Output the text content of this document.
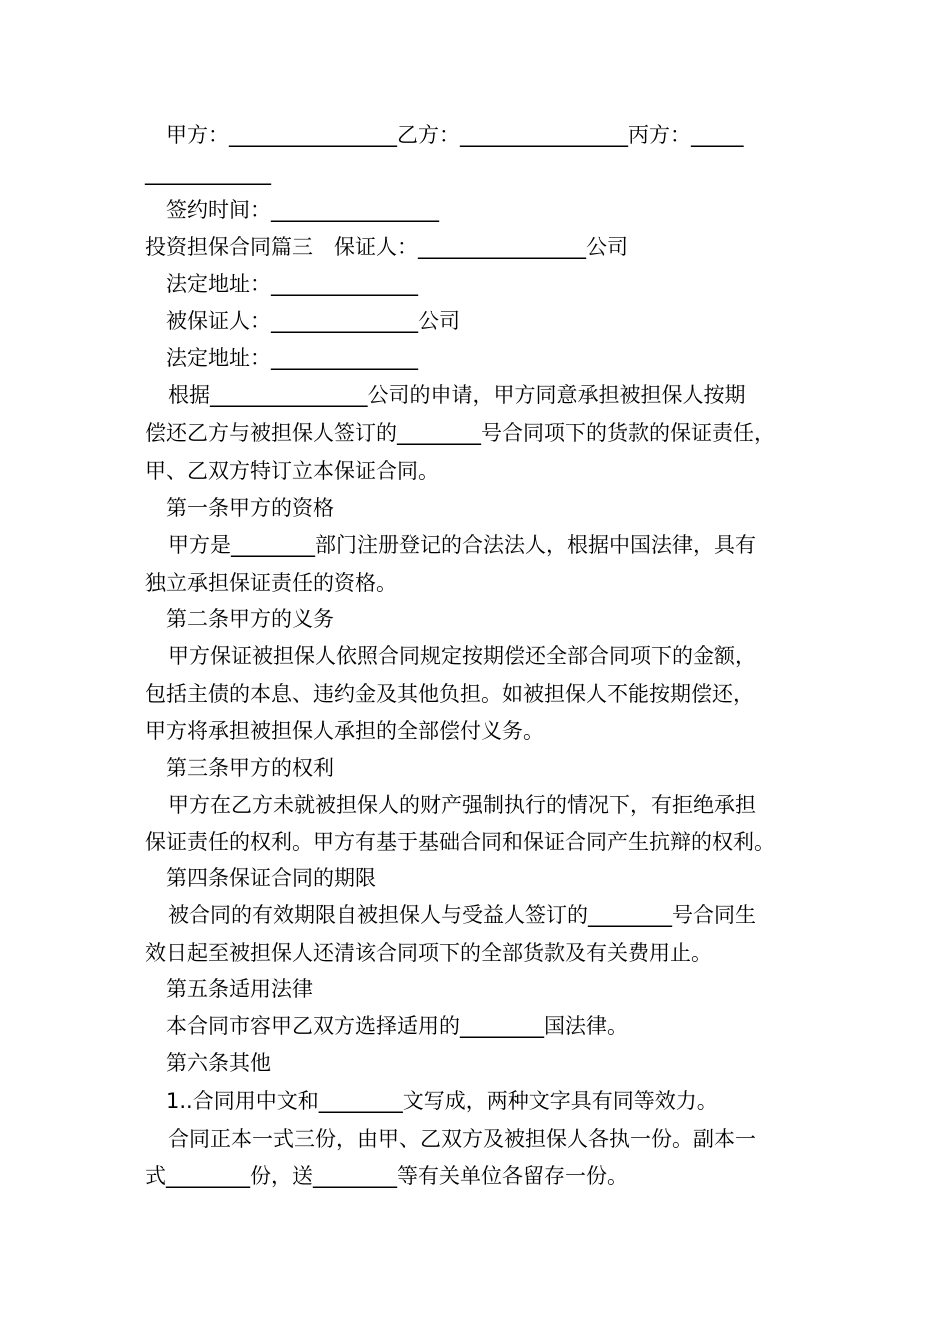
甲方：________________乙方：________________丙方：_____
____________
签约时间：________________
投资担保合同篇三　保证人：________________公司
法定地址：______________
被保证人：______________公司
法定地址：______________
根据_______________公司的申请，甲方同意承担被担保人按期
偿还乙方与被担保人签订的________号合同项下的货款的保证责任，
甲、乙双方特订立本保证合同。
第一条甲方的资格
甲方是________部门注册登记的合法法人，根据中国法律，具有
独立承担保证责任的资格。
第二条甲方的义务
甲方保证被担保人依照合同规定按期偿还全部合同项下的金额，
包括主债的本息、违约金及其他负担。如被担保人不能按期偿还，
甲方将承担被担保人承担的全部偿付义务。
第三条甲方的权利
甲方在乙方未就被担保人的财产强制执行的情况下，有拒绝承担
保证责任的权利。甲方有基于基础合同和保证合同产生抗辩的权利。
第四条保证合同的期限
被合同的有效期限自被担保人与受益人签订的________号合同生
效日起至被担保人还清该合同项下的全部货款及有关费用止。
第五条适用法律
本合同市容甲乙双方选择适用的________国法律。
第六条其他
1..合同用中文和________文写成，两种文字具有同等效力。
合同正本一式三份，由甲、乙双方及被担保人各执一份。副本一
式________份，送________等有关单位各留存一份。
